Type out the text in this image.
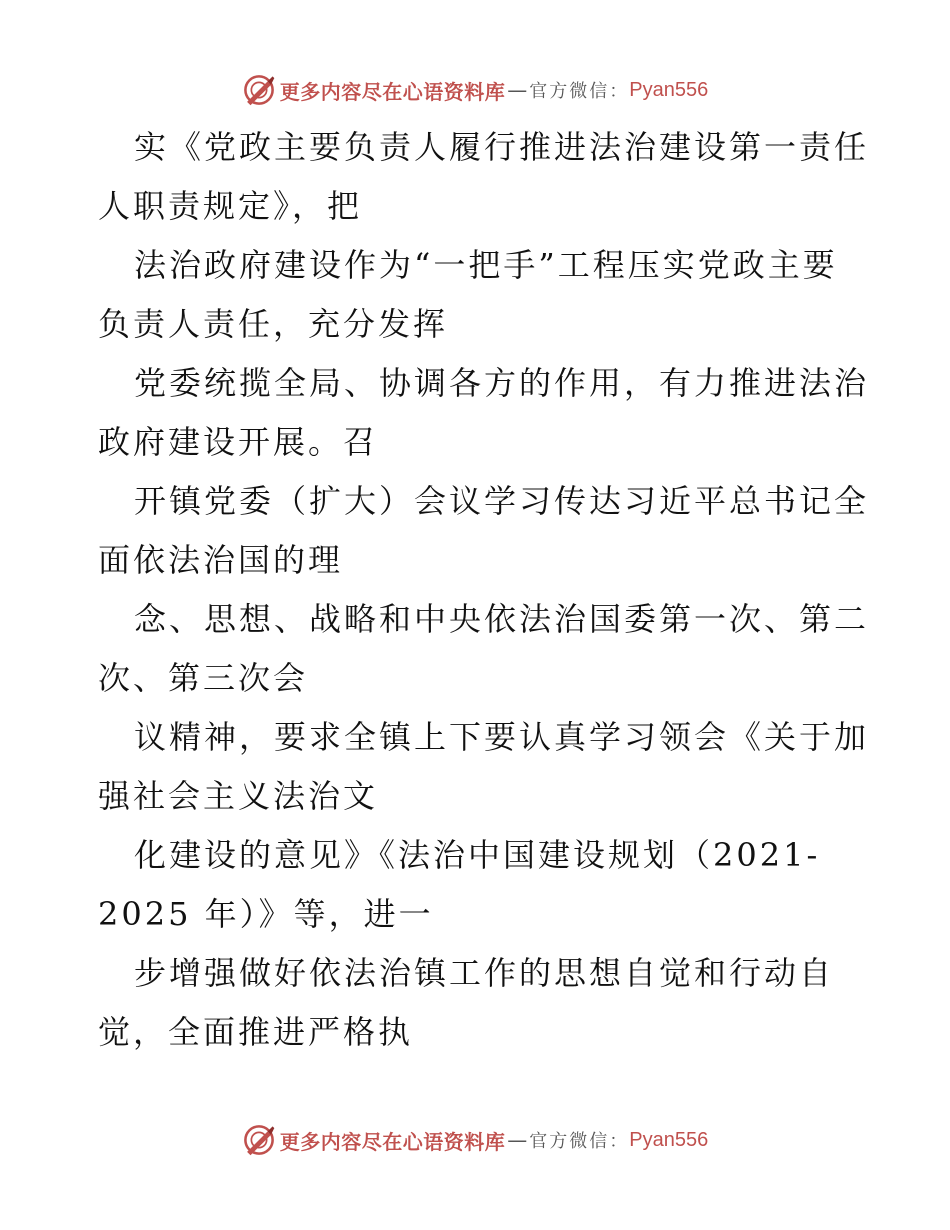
更多内容尽在心语资料库 — 官方微信： Pyan556
实《党政主要负责人履行推进法治建设第一责任
人职责规定》，把
法治政府建设作为“一把手”工程压实党政主要
负责人责任，充分发挥
党委统揽全局、协调各方的作用，有力推进法治
政府建设开展。召
开镇党委（扩大）会议学习传达习近平总书记全
面依法治国的理
念、思想、战略和中央依法治国委第一次、第二
次、第三次会
议精神，要求全镇上下要认真学习领会《关于加
强社会主义法治文
化建设的意见》《法治中国建设规划（2021-
2025 年）》等，进一
步增强做好依法治镇工作的思想自觉和行动自
觉，全面推进严格执
更多内容尽在心语资料库 — 官方微信： Pyan556
